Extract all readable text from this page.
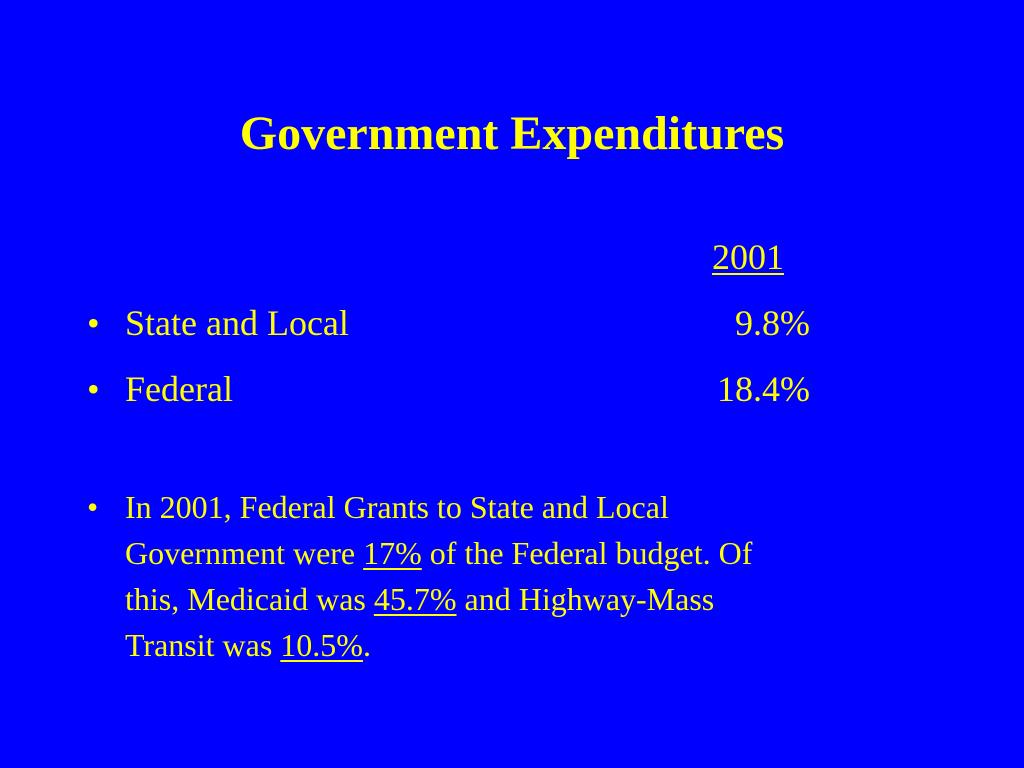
Government Expenditures
2001
• State and Local	9.8%
• Federal	18.4%
• In 2001, Federal Grants to State and Local
Government were 17% of the Federal budget. Of
this, Medicaid was 45.7% and Highway-Mass
Transit was 10.5%.
